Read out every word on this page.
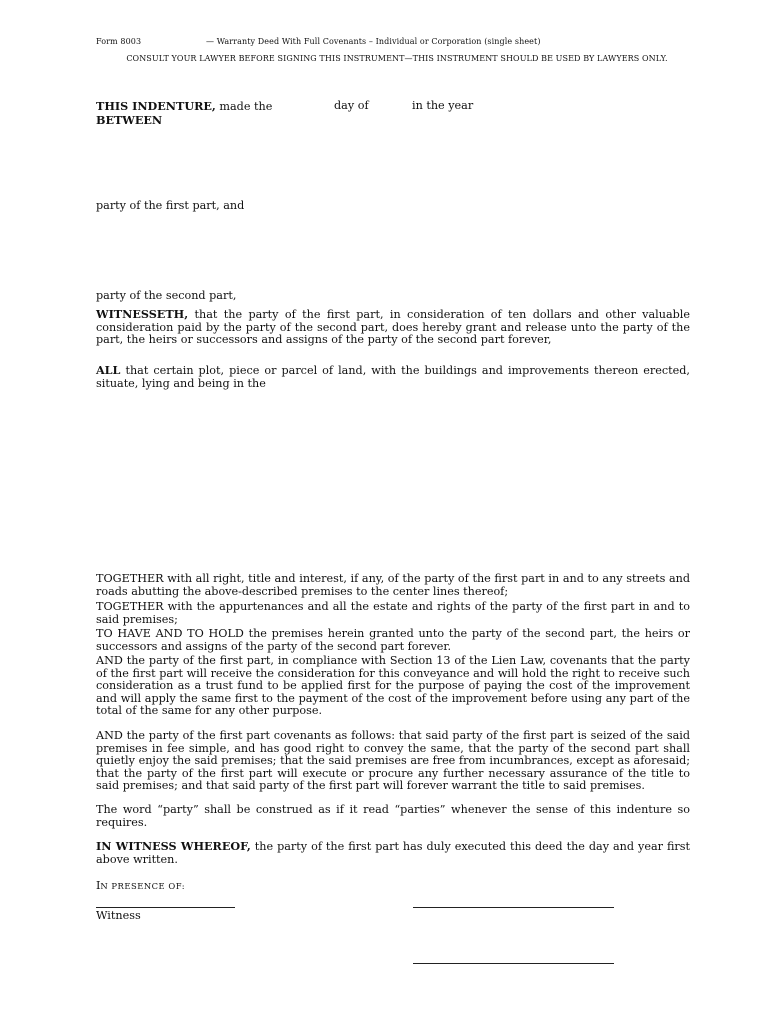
Form 8003	— Warranty Deed With Full Covenants – Individual or Corporation (single sheet)
CONSULT YOUR LAWYER BEFORE SIGNING THIS INSTRUMENT—THIS INSTRUMENT SHOULD BE USED BY LAWYERS ONLY.
THIS INDENTURE, made the	day of	in the year
BETWEEN
party of the first part, and
party of the second part,
WITNESSETH, that the party of the first part, in consideration of ten dollars and other valuable consideration paid by the party of the second part, does hereby grant and release unto the party of the part, the heirs or successors and assigns of the party of the second part forever,
ALL that certain plot, piece or parcel of land, with the buildings and improvements thereon erected, situate, lying and being in the
TOGETHER with all right, title and interest, if any, of the party of the first part in and to any streets and roads abutting the above-described premises to the center lines thereof;
TOGETHER with the appurtenances and all the estate and rights of the party of the first part in and to said premises;
TO HAVE AND TO HOLD the premises herein granted unto the party of the second part, the heirs or successors and assigns of the party of the second part forever.
AND the party of the first part, in compliance with Section 13 of the Lien Law, covenants that the party of the first part will receive the consideration for this conveyance and will hold the right to receive such consideration as a trust fund to be applied first for the purpose of paying the cost of the improvement and will apply the same first to the payment of the cost of the improvement before using any part of the total of the same for any other purpose.
AND the party of the first part covenants as follows: that said party of the first part is seized of the said premises in fee simple, and has good right to convey the same, that the party of the second part shall quietly enjoy the said premises; that the said premises are free from incumbrances, except as aforesaid; that the party of the first part will execute or procure any further necessary assurance of the title to said premises; and that said party of the first part will forever warrant the title to said premises.
The word “party” shall be construed as if it read “parties” whenever the sense of this indenture so requires.
IN WITNESS WHEREOF, the party of the first part has duly executed this deed the day and year first above written.
IN PRESENCE OF:
Witness
